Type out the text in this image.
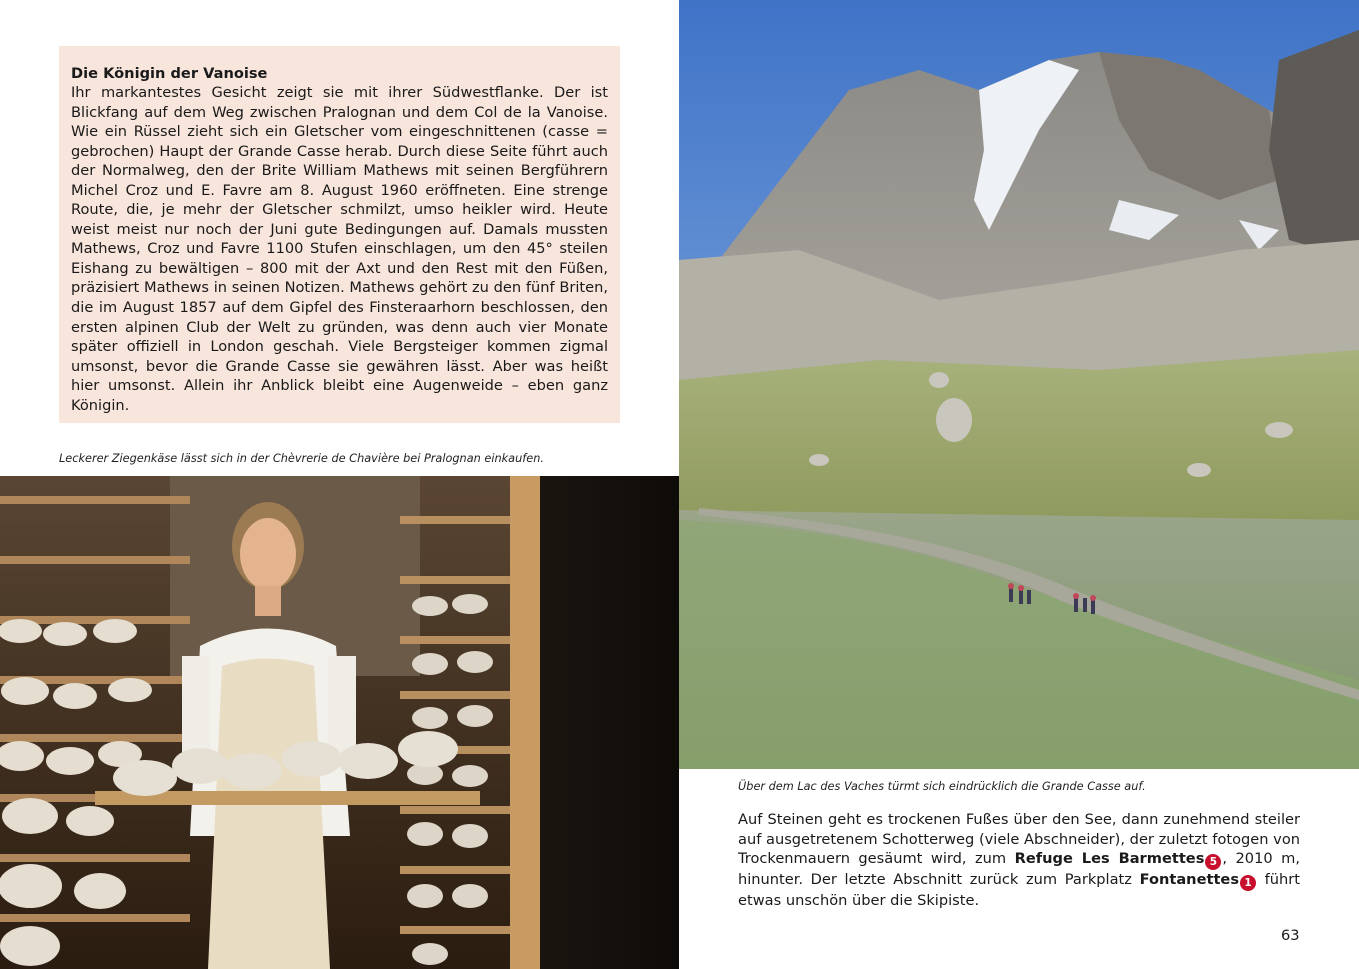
Die Königin der Vanoise

Ihr markantestes Gesicht zeigt sie mit ihrer Südwestflanke. Der ist Blickfang auf dem Weg zwischen Pralognan und dem Col de la Vanoise. Wie ein Rüssel zieht sich ein Gletscher vom eingeschnittenen (casse = gebrochen) Haupt der Grande Casse herab. Durch diese Seite führt auch der Normalweg, den der Brite William Mathews mit seinen Bergführern Michel Croz und E. Favre am 8. August 1960 eröffneten. Eine strenge Route, die, je mehr der Gletscher schmilzt, umso heikler wird. Heute weist meist nur noch der Juni gute Bedingungen auf. Damals mussten Mathews, Croz und Favre 1100 Stufen einschlagen, um den 45° steilen Eishang zu bewältigen – 800 mit der Axt und den Rest mit den Füßen, präzisiert Mathews in seinen Notizen. Mathews gehört zu den fünf Briten, die im August 1857 auf dem Gipfel des Finsteraarhorn beschlossen, den ersten alpinen Club der Welt zu gründen, was denn auch vier Monate später offiziell in London geschah. Viele Bergsteiger kommen zigmal umsonst, bevor die Grande Casse sie gewähren lässt. Aber was heißt hier umsonst. Allein ihr Anblick bleibt eine Augenweide – eben ganz Königin.

Leckerer Ziegenkäse lässt sich in der Chèvrerie de Chavière bei Pralognan einkaufen.
Über dem Lac des Vaches türmt sich eindrücklich die Grande Casse auf.

Auf Steinen geht es trockenen Fußes über den See, dann zunehmend steiler auf ausgetretenem Schotterweg (viele Abschneider), der zuletzt fotogen von Trockenmauern gesäumt wird, zum Refuge Les Barmettes 5 , 2010 m, hinunter. Der letzte Abschnitt zurück zum Parkplatz Fontanettes 1 führt etwas unschön über die Skipiste.

63
